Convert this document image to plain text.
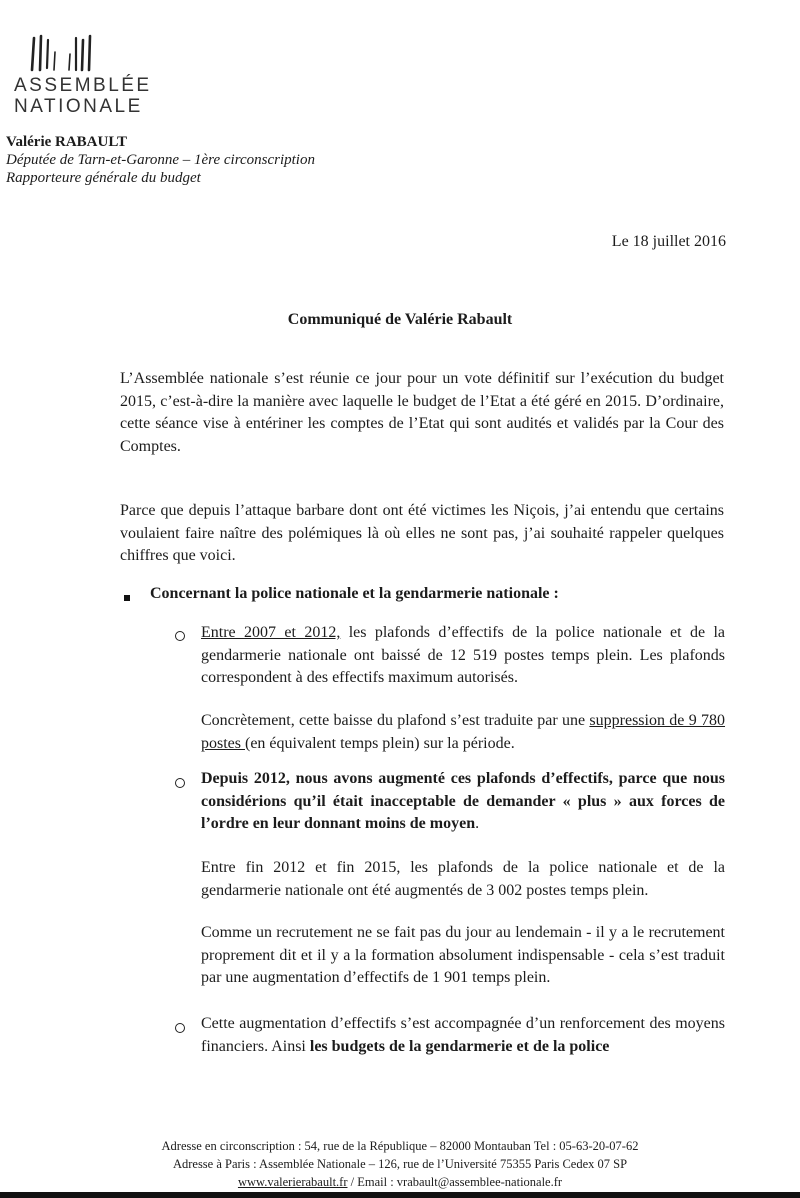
ASSEMBLÉE
NATIONALE
Valérie RABAULT
Députée de Tarn-et-Garonne – 1ère circonscription
Rapporteure générale du budget
Le 18 juillet 2016
Communiqué de Valérie Rabault
L’Assemblée nationale s’est réunie ce jour pour un vote définitif sur l’exécution du budget 2015, c’est-à-dire la manière avec laquelle le budget de l’Etat a été géré en 2015. D’ordinaire, cette séance vise à entériner les comptes de l’Etat qui sont audités et validés par la Cour des Comptes.
Parce que depuis l’attaque barbare dont ont été victimes les Niçois, j’ai entendu que certains voulaient faire naître des polémiques là où elles ne sont pas, j’ai souhaité rappeler quelques chiffres que voici.
Concernant la police nationale et la gendarmerie nationale :
Entre 2007 et 2012, les plafonds d’effectifs de la police nationale et de la gendarmerie nationale ont baissé de 12 519 postes temps plein. Les plafonds correspondent à des effectifs maximum autorisés.
Concrètement, cette baisse du plafond s’est traduite par une suppression de 9 780 postes (en équivalent temps plein) sur la période.
Depuis 2012, nous avons augmenté ces plafonds d’effectifs, parce que nous considérions qu’il était inacceptable de demander « plus » aux forces de l’ordre en leur donnant moins de moyen.
Entre fin 2012 et fin 2015, les plafonds de la police nationale et de la gendarmerie nationale ont été augmentés de 3 002 postes temps plein.
Comme un recrutement ne se fait pas du jour au lendemain - il y a le recrutement proprement dit et il y a la formation absolument indispensable - cela s’est traduit par une augmentation d’effectifs de 1 901 temps plein.
Cette augmentation d’effectifs s’est accompagnée d’un renforcement des moyens financiers. Ainsi les budgets de la gendarmerie et de la police
Adresse en circonscription : 54, rue de la République – 82000 Montauban Tel : 05-63-20-07-62
Adresse à Paris : Assemblée Nationale – 126, rue de l’Université 75355 Paris Cedex 07 SP
www.valerierabault.fr / Email : vrabault@assemblee-nationale.fr
